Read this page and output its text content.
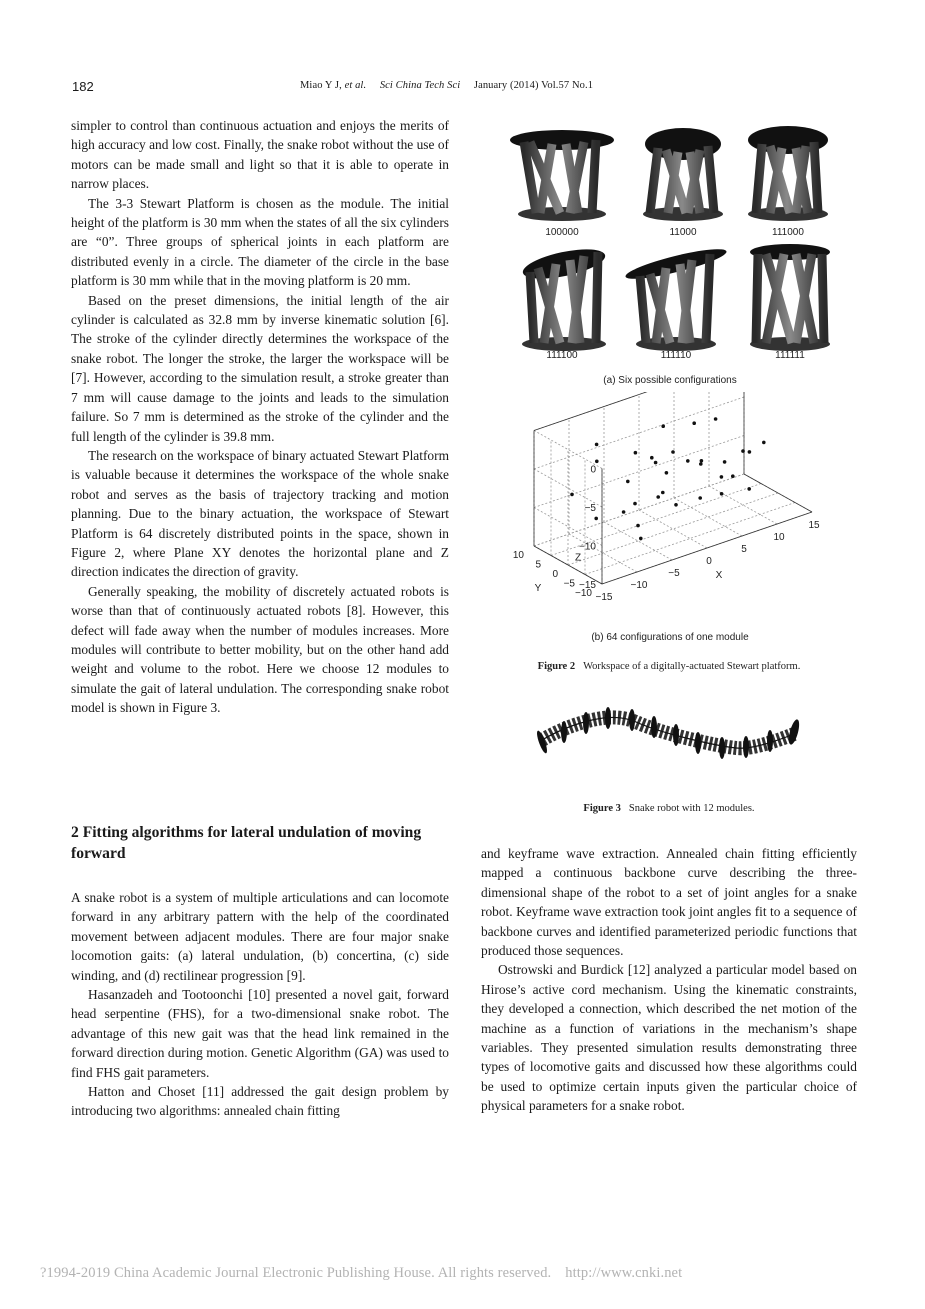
182	Miao Y J, et al. Sci China Tech Sci January (2014) Vol.57 No.1

simpler to control than continuous actuation and enjoys the merits of high accuracy and low cost. Finally, the snake robot without the use of motors can be made small and light so that it is able to operate in narrow places.

The 3-3 Stewart Platform is chosen as the module. The initial height of the platform is 30 mm when the states of all the six cylinders are “0”. Three groups of spherical joints in each platform are distributed evenly in a circle. The diameter of the circle in the base platform is 30 mm while that in the moving platform is 20 mm.

Based on the preset dimensions, the initial length of the air cylinder is calculated as 32.8 mm by inverse kinematic solution [6]. The stroke of the cylinder directly determines the workspace of the snake robot. The longer the stroke, the larger the workspace will be [7]. However, according to the simulation result, a stroke greater than 7 mm will cause damage to the joints and leads to the simulation failure. So 7 mm is determined as the stroke of the cylinder and the full length of the cylinder is 39.8 mm.

The research on the workspace of binary actuated Stewart Platform is valuable because it determines the workspace of the whole snake robot and serves as the basis of trajectory tracking and motion planning. Due to the binary actuation, the workspace of Stewart Platform is 64 discretely distributed points in the space, shown in Figure 2, where Plane XY denotes the horizontal plane and Z direction indicates the direction of gravity.

Generally speaking, the mobility of discretely actuated robots is worse than that of continuously actuated robots [8]. However, this defect will fade away when the number of modules increases. More modules will contribute to better mobility, but on the other hand add weight and volume to the robot. Here we choose 12 modules to simulate the gait of lateral undulation. The corresponding snake robot model is shown in Figure 3.

2 Fitting algorithms for lateral undulation of moving forward

A snake robot is a system of multiple articulations and can locomote forward in any arbitrary pattern with the help of the coordinated movement between adjacent modules. There are four major snake locomotion gaits: (a) lateral undulation, (b) concertina, (c) side winding, and (d) rectilinear progression [9].

Hasanzadeh and Tootoonchi [10] presented a novel gait, forward head serpentine (FHS), for a two-dimensional snake robot. The advantage of this new gait was that the head link remained in the forward direction during motion. Genetic Algorithm (GA) was used to find FHS gait parameters.

Hatton and Choset [11] addressed the gait design problem by introducing two algorithms: annealed chain fitting

100000	11000	111000
111100	111110	111111
(a) Six possible configurations
0
−5
−10
−15
10
5
0
−5
−10 −15
−10
−5
0
5
10
15
Z
Y
X
(b) 64 configurations of one module
Figure 2 Workspace of a digitally-actuated Stewart platform.
Figure 3 Snake robot with 12 modules.

and keyframe wave extraction. Annealed chain fitting efficiently mapped a continuous backbone curve describing the three-dimensional shape of the robot to a set of joint angles for a snake robot. Keyframe wave extraction took joint angles fit to a sequence of backbone curves and identified parameterized periodic functions that produced those sequences.

Ostrowski and Burdick [12] analyzed a particular model based on Hirose’s active cord mechanism. Using the kinematic constraints, they developed a connection, which described the net motion of the machine as a function of variations in the mechanism’s shape variables. They presented simulation results demonstrating three types of locomotive gaits and discussed how these algorithms could be used to optimize certain inputs given the particular choice of physical parameters for a snake robot.

?1994-2019 China Academic Journal Electronic Publishing House. All rights reserved. http://www.cnki.net
